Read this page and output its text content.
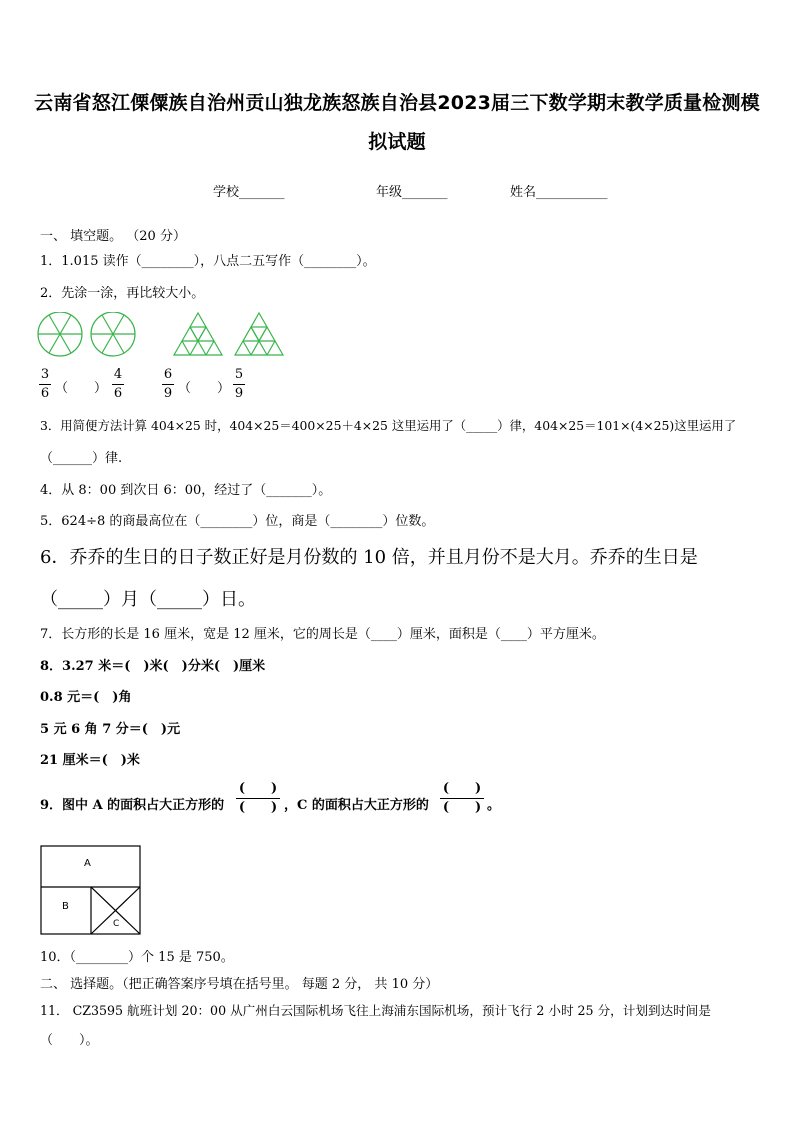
云南省怒江傈僳族自治州贡山独龙族怒族自治县2023届三下数学期末教学质量检测模
拟试题
学校_______	年级_______	姓名___________
一、 填空题。 （20 分）
1．1.015 读作（________），八点二五写作（________）。
2．先涂一涂，再比较大小。
3
6 （　　）
4
6
6
9 （　　）
5
9
3．用简便方法计算 404×25 时，404×25＝400×25＋4×25 这里运用了（_____）律，404×25＝101×(4×25)这里运用了
（______）律.
4．从 8：00 到次日 6：00，经过了（_______）。
5．624÷8 的商最高位在（________）位，商是（________）位数。
6．乔乔的生日的日子数正好是月份数的 10 倍，并且月份不是大月。乔乔的生日是
（_____）月（_____）日。
7．长方形的长是 16 厘米，宽是 12 厘米，它的周长是（____）厘米，面积是（____）平方厘米。
8．3.27 米＝(　)米(　)分米(　)厘米
0.8 元＝(　)角
5 元 6 角 7 分＝(　)元
21 厘米＝(　)米
9．图中 A 的面积占大正方形的
(　　)
(　　) ，C 的面积占大正方形的
(　　)
(　　) 。
A
B
C
10．（________）个 15 是 750。
二、 选择题。（把正确答案序号填在括号里。 每题 2 分， 共 10 分）
11． CZ3595 航班计划 20：00 从广州白云国际机场飞往上海浦东国际机场，预计飞行 2 小时 25 分，计划到达时间是
（　　）。
